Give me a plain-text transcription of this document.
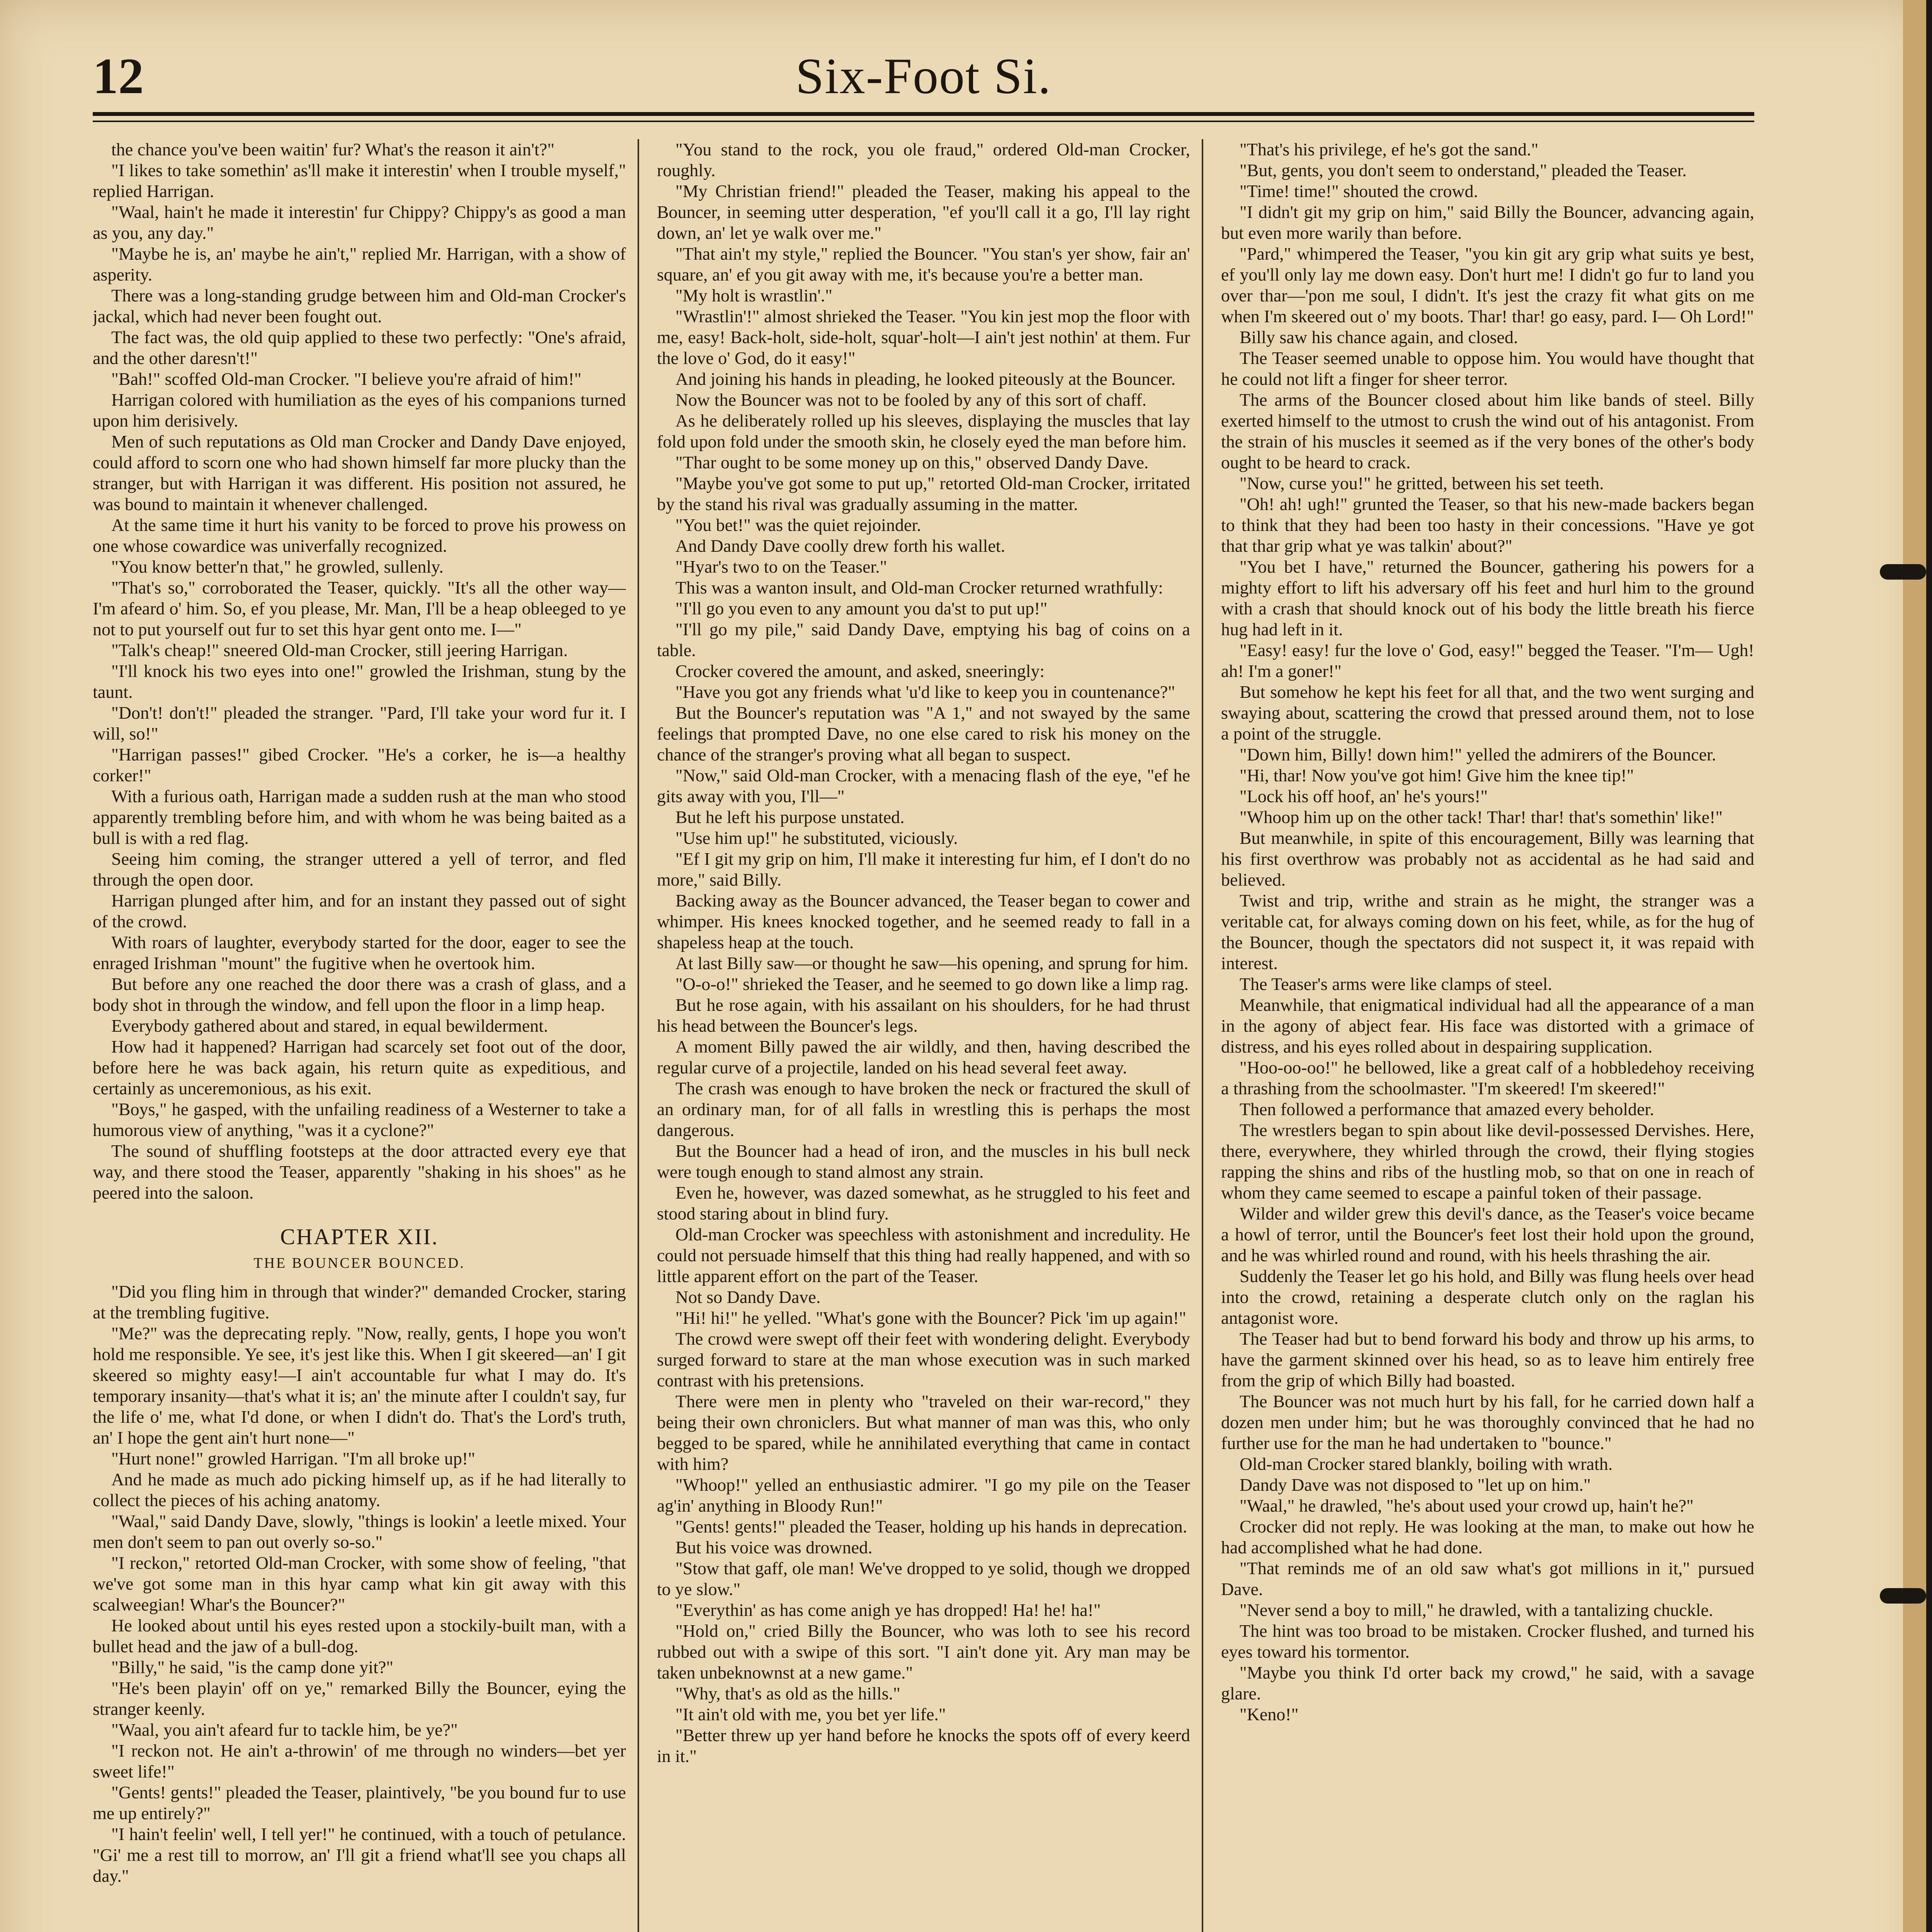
12	Six-Foot Si.

the chance you've been waitin' fur? What's the reason it ain't?"

"I likes to take somethin' as'll make it interestin' when I trouble myself," replied Harrigan.

"Waal, hain't he made it interestin' fur Chippy? Chippy's as good a man as you, any day."

"Maybe he is, an' maybe he ain't," replied Mr. Harrigan, with a show of asperity.

There was a long-standing grudge between him and Old-man Crocker's jackal, which had never been fought out.

The fact was, the old quip applied to these two perfectly: "One's afraid, and the other daresn't!"

"Bah!" scoffed Old-man Crocker. "I believe you're afraid of him!"

Harrigan colored with humiliation as the eyes of his companions turned upon him derisively.

Men of such reputations as Old man Crocker and Dandy Dave enjoyed, could afford to scorn one who had shown himself far more plucky than the stranger, but with Harrigan it was different. His position not assured, he was bound to maintain it whenever challenged.

At the same time it hurt his vanity to be forced to prove his prowess on one whose cowardice was univerfally recognized.

"You know better'n that," he growled, sullenly.

"That's so," corroborated the Teaser, quickly. "It's all the other way—I'm afeard o' him. So, ef you please, Mr. Man, I'll be a heap obleeged to ye not to put yourself out fur to set this hyar gent onto me. I—"

"Talk's cheap!" sneered Old-man Crocker, still jeering Harrigan.

"I'll knock his two eyes into one!" growled the Irishman, stung by the taunt.

"Don't! don't!" pleaded the stranger. "Pard, I'll take your word fur it. I will, so!"

"Harrigan passes!" gibed Crocker. "He's a corker, he is—a healthy corker!"

With a furious oath, Harrigan made a sudden rush at the man who stood apparently trembling before him, and with whom he was being baited as a bull is with a red flag.

Seeing him coming, the stranger uttered a yell of terror, and fled through the open door.

Harrigan plunged after him, and for an instant they passed out of sight of the crowd.

With roars of laughter, everybody started for the door, eager to see the enraged Irishman "mount" the fugitive when he overtook him.

But before any one reached the door there was a crash of glass, and a body shot in through the window, and fell upon the floor in a limp heap.

Everybody gathered about and stared, in equal bewilderment.

How had it happened? Harrigan had scarcely set foot out of the door, before here he was back again, his return quite as expeditious, and certainly as unceremonious, as his exit.

"Boys," he gasped, with the unfailing readiness of a Westerner to take a humorous view of anything, "was it a cyclone?"

The sound of shuffling footsteps at the door attracted every eye that way, and there stood the Teaser, apparently "shaking in his shoes" as he peered into the saloon.

CHAPTER XII.
THE BOUNCER BOUNCED.

"Did you fling him in through that winder?" demanded Crocker, staring at the trembling fugitive.

"Me?" was the deprecating reply. "Now, really, gents, I hope you won't hold me responsible. Ye see, it's jest like this. When I git skeered—an' I git skeered so mighty easy!—I ain't accountable fur what I may do. It's temporary insanity—that's what it is; an' the minute after I couldn't say, fur the life o' me, what I'd done, or when I didn't do. That's the Lord's truth, an' I hope the gent ain't hurt none—"

"Hurt none!" growled Harrigan. "I'm all broke up!"

And he made as much ado picking himself up, as if he had literally to collect the pieces of his aching anatomy.

"Waal," said Dandy Dave, slowly, "things is lookin' a leetle mixed. Your men don't seem to pan out overly so-so."

"I reckon," retorted Old-man Crocker, with some show of feeling, "that we've got some man in this hyar camp what kin git away with this scalweegian! Whar's the Bouncer?"

He looked about until his eyes rested upon a stockily-built man, with a bullet head and the jaw of a bull-dog.

"Billy," he said, "is the camp done yit?"

"He's been playin' off on ye," remarked Billy the Bouncer, eying the stranger keenly.

"Waal, you ain't afeard fur to tackle him, be ye?"

"I reckon not. He ain't a-throwin' of me through no winders—bet yer sweet life!"

"Gents! gents!" pleaded the Teaser, plaintively, "be you bound fur to use me up entirely?"

"I hain't feelin' well, I tell yer!" he continued, with a touch of petulance. "Gi' me a rest till to morrow, an' I'll git a friend what'll see you chaps all day."

"You stand to the rock, you ole fraud," ordered Old-man Crocker, roughly.

"My Christian friend!" pleaded the Teaser, making his appeal to the Bouncer, in seeming utter desperation, "ef you'll call it a go, I'll lay right down, an' let ye walk over me."

"That ain't my style," replied the Bouncer. "You stan's yer show, fair an' square, an' ef you git away with me, it's because you're a better man.

"My holt is wrastlin'."

"Wrastlin'!" almost shrieked the Teaser. "You kin jest mop the floor with me, easy! Back-holt, side-holt, squar'-holt—I ain't jest nothin' at them. Fur the love o' God, do it easy!"

And joining his hands in pleading, he looked piteously at the Bouncer.

Now the Bouncer was not to be fooled by any of this sort of chaff.

As he deliberately rolled up his sleeves, displaying the muscles that lay fold upon fold under the smooth skin, he closely eyed the man before him.

"Thar ought to be some money up on this," observed Dandy Dave.

"Maybe you've got some to put up," retorted Old-man Crocker, irritated by the stand his rival was gradually assuming in the matter.

"You bet!" was the quiet rejoinder.

And Dandy Dave coolly drew forth his wallet.

"Hyar's two to on the Teaser."

This was a wanton insult, and Old-man Crocker returned wrathfully:

"I'll go you even to any amount you da'st to put up!"

"I'll go my pile," said Dandy Dave, emptying his bag of coins on a table.

Crocker covered the amount, and asked, sneeringly:

"Have you got any friends what 'u'd like to keep you in countenance?"

But the Bouncer's reputation was "A 1," and not swayed by the same feelings that prompted Dave, no one else cared to risk his money on the chance of the stranger's proving what all began to suspect.

"Now," said Old-man Crocker, with a menacing flash of the eye, "ef he gits away with you, I'll—"

But he left his purpose unstated.

"Use him up!" he substituted, viciously.

"Ef I git my grip on him, I'll make it interesting fur him, ef I don't do no more," said Billy.

Backing away as the Bouncer advanced, the Teaser began to cower and whimper. His knees knocked together, and he seemed ready to fall in a shapeless heap at the touch.

At last Billy saw—or thought he saw—his opening, and sprung for him.

"O-o-o!" shrieked the Teaser, and he seemed to go down like a limp rag.

But he rose again, with his assailant on his shoulders, for he had thrust his head between the Bouncer's legs.

A moment Billy pawed the air wildly, and then, having described the regular curve of a projectile, landed on his head several feet away.

The crash was enough to have broken the neck or fractured the skull of an ordinary man, for of all falls in wrestling this is perhaps the most dangerous.

But the Bouncer had a head of iron, and the muscles in his bull neck were tough enough to stand almost any strain.

Even he, however, was dazed somewhat, as he struggled to his feet and stood staring about in blind fury.

Old-man Crocker was speechless with astonishment and incredulity. He could not persuade himself that this thing had really happened, and with so little apparent effort on the part of the Teaser.

Not so Dandy Dave.

"Hi! hi!" he yelled. "What's gone with the Bouncer? Pick 'im up again!"

The crowd were swept off their feet with wondering delight. Everybody surged forward to stare at the man whose execution was in such marked contrast with his pretensions.

There were men in plenty who "traveled on their war-record," they being their own chroniclers. But what manner of man was this, who only begged to be spared, while he annihilated everything that came in contact with him?

"Whoop!" yelled an enthusiastic admirer. "I go my pile on the Teaser ag'in' anything in Bloody Run!"

"Gents! gents!" pleaded the Teaser, holding up his hands in deprecation.

But his voice was drowned.

"Stow that gaff, ole man! We've dropped to ye solid, though we dropped to ye slow."

"Everythin' as has come anigh ye has dropped! Ha! he! ha!"

"Hold on," cried Billy the Bouncer, who was loth to see his record rubbed out with a swipe of this sort. "I ain't done yit. Ary man may be taken unbeknownst at a new game."

"Why, that's as old as the hills."

"It ain't old with me, you bet yer life."

"Better threw up yer hand before he knocks the spots off of every keerd in it."

"That's his privilege, ef he's got the sand."

"But, gents, you don't seem to onderstand," pleaded the Teaser.

"Time! time!" shouted the crowd.

"I didn't git my grip on him," said Billy the Bouncer, advancing again, but even more warily than before.

"Pard," whimpered the Teaser, "you kin git ary grip what suits ye best, ef you'll only lay me down easy. Don't hurt me! I didn't go fur to land you over thar—'pon me soul, I didn't. It's jest the crazy fit what gits on me when I'm skeered out o' my boots. Thar! thar! go easy, pard. I— Oh Lord!"

Billy saw his chance again, and closed.

The Teaser seemed unable to oppose him. You would have thought that he could not lift a finger for sheer terror.

The arms of the Bouncer closed about him like bands of steel. Billy exerted himself to the utmost to crush the wind out of his antagonist. From the strain of his muscles it seemed as if the very bones of the other's body ought to be heard to crack.

"Now, curse you!" he gritted, between his set teeth.

"Oh! ah! ugh!" grunted the Teaser, so that his new-made backers began to think that they had been too hasty in their concessions. "Have ye got that thar grip what ye was talkin' about?"

"You bet I have," returned the Bouncer, gathering his powers for a mighty effort to lift his adversary off his feet and hurl him to the ground with a crash that should knock out of his body the little breath his fierce hug had left in it.

"Easy! easy! fur the love o' God, easy!" begged the Teaser. "I'm— Ugh! ah! I'm a goner!"

But somehow he kept his feet for all that, and the two went surging and swaying about, scattering the crowd that pressed around them, not to lose a point of the struggle.

"Down him, Billy! down him!" yelled the admirers of the Bouncer.

"Hi, thar! Now you've got him! Give him the knee tip!"

"Lock his off hoof, an' he's yours!"

"Whoop him up on the other tack! Thar! thar! that's somethin' like!"

But meanwhile, in spite of this encouragement, Billy was learning that his first overthrow was probably not as accidental as he had said and believed.

Twist and trip, writhe and strain as he might, the stranger was a veritable cat, for always coming down on his feet, while, as for the hug of the Bouncer, though the spectators did not suspect it, it was repaid with interest.

The Teaser's arms were like clamps of steel.

Meanwhile, that enigmatical individual had all the appearance of a man in the agony of abject fear. His face was distorted with a grimace of distress, and his eyes rolled about in despairing supplication.

"Hoo-oo-oo!" he bellowed, like a great calf of a hobbledehoy receiving a thrashing from the schoolmaster. "I'm skeered! I'm skeered!"

Then followed a performance that amazed every beholder.

The wrestlers began to spin about like devil-possessed Dervishes. Here, there, everywhere, they whirled through the crowd, their flying stogies rapping the shins and ribs of the hustling mob, so that on one in reach of whom they came seemed to escape a painful token of their passage.

Wilder and wilder grew this devil's dance, as the Teaser's voice became a howl of terror, until the Bouncer's feet lost their hold upon the ground, and he was whirled round and round, with his heels thrashing the air.

Suddenly the Teaser let go his hold, and Billy was flung heels over head into the crowd, retaining a desperate clutch only on the raglan his antagonist wore.

The Teaser had but to bend forward his body and throw up his arms, to have the garment skinned over his head, so as to leave him entirely free from the grip of which Billy had boasted.

The Bouncer was not much hurt by his fall, for he carried down half a dozen men under him; but he was thoroughly convinced that he had no further use for the man he had undertaken to "bounce."

Old-man Crocker stared blankly, boiling with wrath.

Dandy Dave was not disposed to "let up on him."

"Waal," he drawled, "he's about used your crowd up, hain't he?"

Crocker did not reply. He was looking at the man, to make out how he had accomplished what he had done.

"That reminds me of an old saw what's got millions in it," pursued Dave.

"Never send a boy to mill," he drawled, with a tantalizing chuckle.

The hint was too broad to be mistaken. Crocker flushed, and turned his eyes toward his tormentor.

"Maybe you think I'd orter back my crowd," he said, with a savage glare.

"Keno!"
